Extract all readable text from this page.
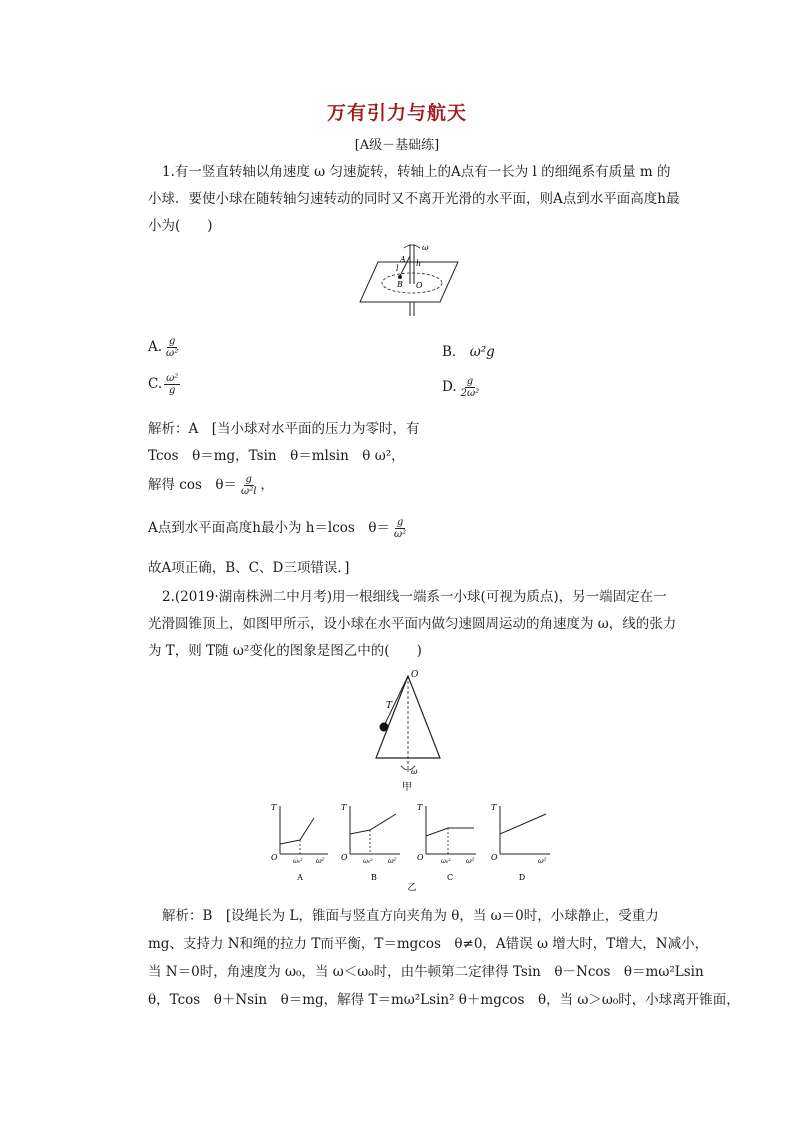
万有引力与航天
[A级－基础练]
1.有一竖直转轴以角速度 ω 匀速旋转，转轴上的A点有一长为 l 的细绳系有质量 m 的
小球．要使小球在随转轴匀速转动的同时又不离开光滑的水平面，则A点到水平面高度h最
小为(　　)
ω
h
A
l
B O
A. $\frac{g}{\text{ω²}}$	B． ω²g
C. $\frac{\text{ω²}}{g}$	D. $\frac{g}{\text{2ω²}}$
解析：A　[当小球对水平面的压力为零时，有
Tcos　θ＝mg，Tsin　θ＝mlsin　θ ω²，
解得 cos　$\theta= \frac{g}{\text{ω²l}}$ ，
A点到水平面高度h最小为 h＝lcos　$\theta= \frac{g}{\text{ω²}}$
故A项正确，B、C、D三项错误．]
2.(2019·湖南株洲二中月考)用一根细线一端系一小球(可视为质点)，另一端固定在一
光滑圆锥顶上，如图甲所示，设小球在水平面内做匀速圆周运动的角速度为 ω，线的张力
为 T，则 T随 ω²变化的图象是图乙中的(　　)
O
T
ω
甲
T
O	ω₀² ω²
A
T
O	ω₀² ω²
B
T
O	ω₀² ω²
C
T
O	ω²
D
乙
解析：B　[设绳长为 L，锥面与竖直方向夹角为 θ，当 ω＝0时，小球静止，受重力
mg、支持力 N和绳的拉力 T而平衡，T＝mgcos　θ≠0，A错误 ω 增大时，T增大，N减小，
当 N＝0时，角速度为 ω₀，当 ω＜ω₀时，由牛顿第二定律得 Tsin　θ－Ncos　θ＝mω²Lsin
θ，Tcos　θ＋Nsin　θ＝mg，解得 T＝mω²Lsin² θ＋mgcos　θ，当 ω＞ω₀时，小球离开锥面，
